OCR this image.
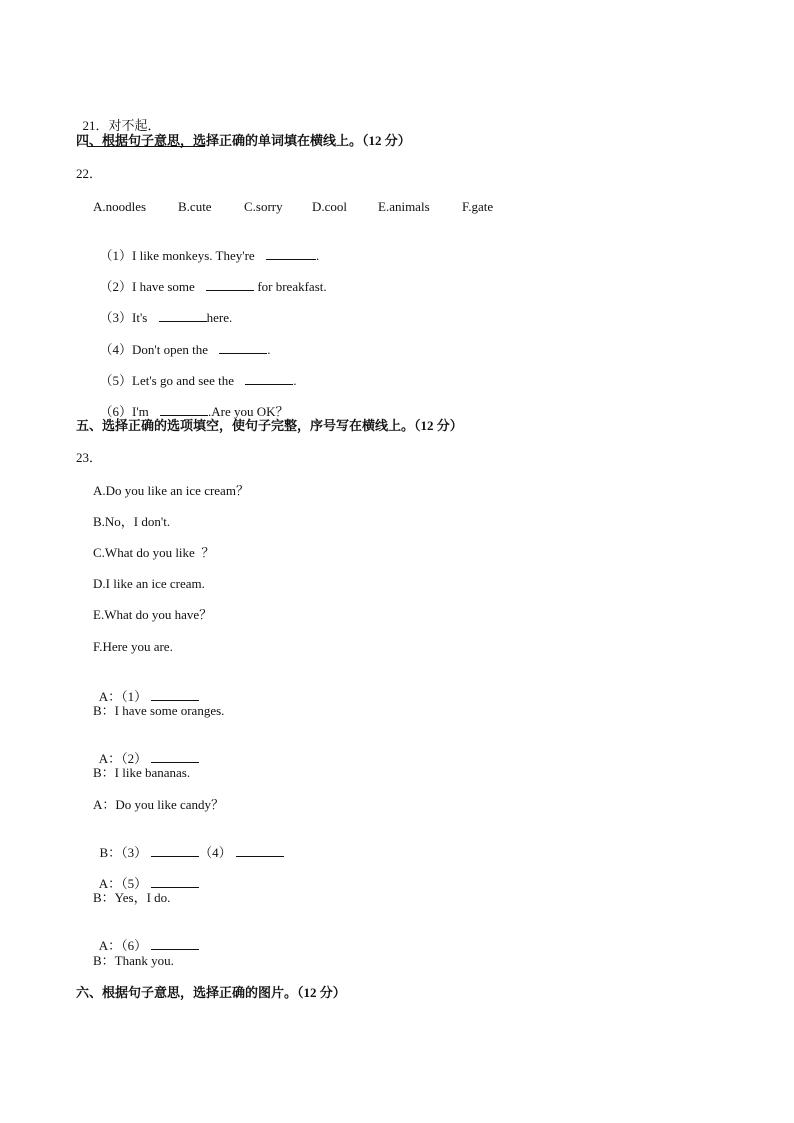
21．对不起．

四、根据句子意思，选择正确的单词填在横线上。（12 分）
22．

A.noodles

B.cute

C.sorry

D.cool

E.animals

F.gate

（1）I like monkeys. They're	.

（2）I have some	for breakfast.

（3）It's	here.

（4）Don't open the	.

（5）Let's go and see the	.

（6）I'm	.Are you OK？

五、选择正确的选项填空，使句子完整，序号写在横线上。（12 分）
23．
A.Do you like an ice cream？
B.No，I don't.
C.What do you like  ？
D.I like an ice cream.
E.What do you have？
F.Here you are.

A：（1）

B：I have some oranges.

A：（2）

B：I like bananas.
A：Do you like candy？

B：（3）	（4）

A：（5）

B：Yes，I do.

A：（6）

B：Thank you.
六、根据句子意思，选择正确的图片。（12 分）
